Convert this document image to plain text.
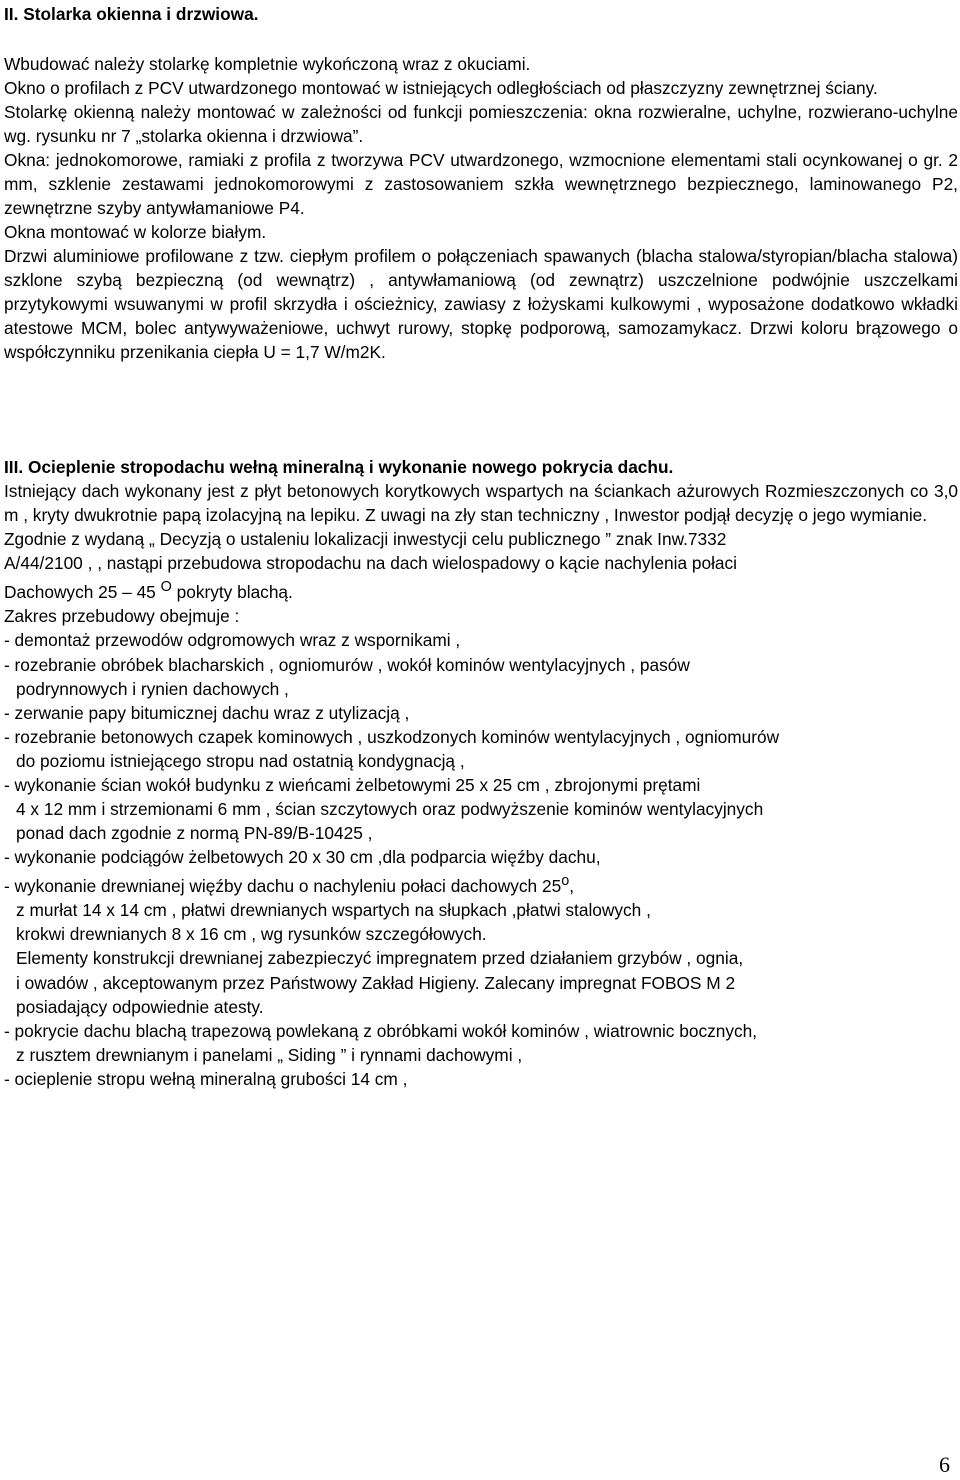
II. Stolarka okienna i drzwiowa.

Wbudować należy stolarkę kompletnie wykończoną wraz z okuciami.

Okno o profilach z PCV utwardzonego montować w istniejących odległościach od płaszczyzny zewnętrznej ściany.

Stolarkę okienną należy montować w zależności od funkcji pomieszczenia: okna rozwieralne, uchylne, rozwierano-uchylne wg. rysunku nr 7 „stolarka okienna i drzwiowa”.

Okna: jednokomorowe, ramiaki z profila z tworzywa PCV utwardzonego, wzmocnione elementami stali ocynkowanej o gr. 2 mm, szklenie zestawami jednokomorowymi z zastosowaniem szkła wewnętrznego bezpiecznego, laminowanego P2, zewnętrzne szyby antywłamaniowe P4.

Okna montować w kolorze białym.

Drzwi aluminiowe profilowane z tzw. ciepłym profilem o połączeniach spawanych (blacha stalowa/styropian/blacha stalowa) szklone szybą bezpieczną (od wewnątrz) , antywłamaniową (od zewnątrz) uszczelnione podwójnie uszczelkami przytykowymi wsuwanymi w profil skrzydła i ościeżnicy, zawiasy z łożyskami kulkowymi , wyposażone dodatkowo wkładki atestowe MCM, bolec antywyważeniowe, uchwyt rurowy, stopkę podporową, samozamykacz. Drzwi koloru brązowego o współczynniku przenikania ciepła U = 1,7 W/m2K.

III. Ocieplenie stropodachu wełną mineralną i wykonanie nowego pokrycia dachu.

Istniejący dach wykonany jest z płyt betonowych korytkowych wspartych na ściankach ażurowych Rozmieszczonych co 3,0 m , kryty dwukrotnie papą izolacyjną na lepiku. Z uwagi na zły stan techniczny , Inwestor podjął decyzję o jego wymianie.

Zgodnie z wydaną „ Decyzją o ustaleniu lokalizacji inwestycji celu publicznego ” znak Inw.7332

A/44/2100 , , nastąpi przebudowa stropodachu na dach wielospadowy o kącie nachylenia połaci

Dachowych 25 – 45 $^O$ pokryty blachą.

Zakres przebudowy obejmuje :

- demontaż przewodów odgromowych wraz z wspornikami ,

- rozebranie obróbek blacharskich , ogniomurów , wokół kominów wentylacyjnych , pasów

podrynnowych i rynien dachowych ,

- zerwanie papy bitumicznej dachu wraz z utylizacją ,

- rozebranie betonowych czapek kominowych , uszkodzonych kominów wentylacyjnych , ogniomurów

do poziomu istniejącego stropu nad ostatnią kondygnacją ,

- wykonanie ścian wokół budynku z wieńcami żelbetowymi 25 x 25 cm , zbrojonymi prętami

4 x 12 mm i strzemionami 6 mm , ścian szczytowych oraz podwyższenie kominów wentylacyjnych

ponad dach zgodnie z normą PN-89/B-10425 ,

- wykonanie podciągów żelbetowych 20 x 30 cm ,dla podparcia więźby dachu,

- wykonanie drewnianej więźby dachu o nachyleniu połaci dachowych 25$^o$,

z murłat 14 x 14 cm , płatwi drewnianych wspartych na słupkach ,płatwi stalowych ,

krokwi drewnianych 8 x 16 cm , wg rysunków szczegółowych.

Elementy konstrukcji drewnianej zabezpieczyć impregnatem przed działaniem grzybów , ognia,

i owadów , akceptowanym przez Państwowy Zakład Higieny. Zalecany impregnat FOBOS M 2

posiadający odpowiednie atesty.

- pokrycie dachu blachą trapezową powlekaną z obróbkami wokół kominów , wiatrownic bocznych,

z rusztem drewnianym i panelami „ Siding ” i rynnami dachowymi ,

- ocieplenie stropu wełną mineralną grubości 14 cm ,

6
